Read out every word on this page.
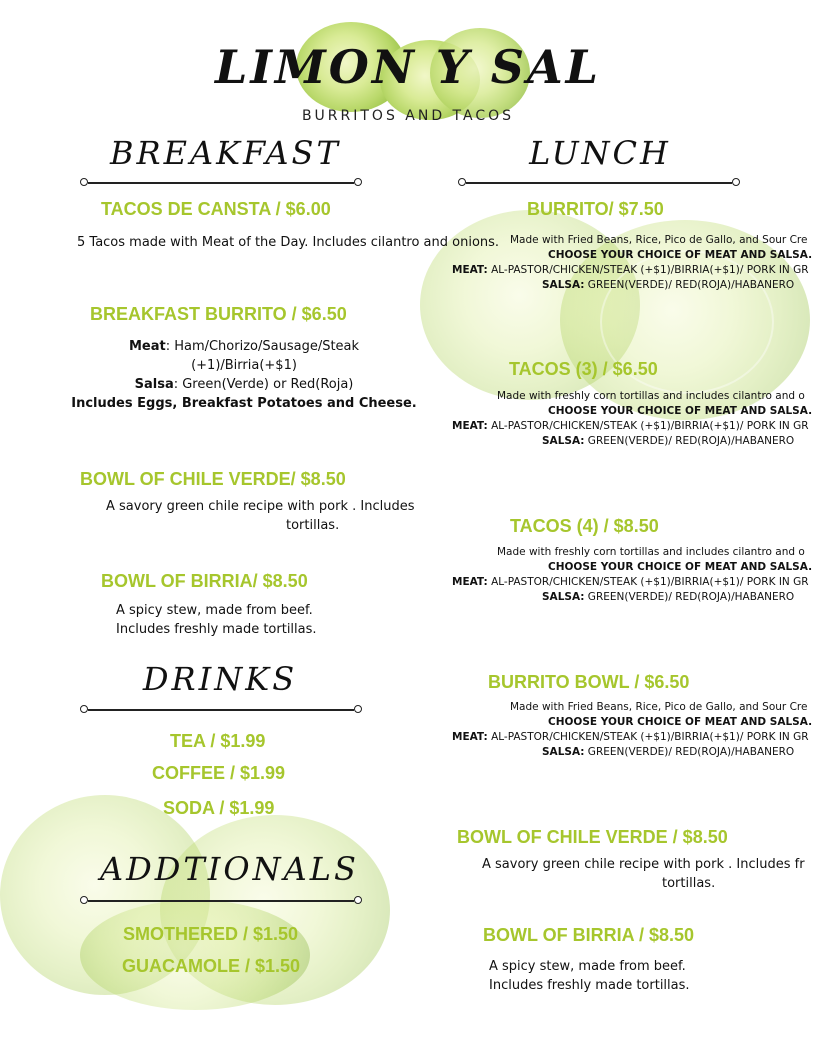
LIMON Y SAL
BURRITOS AND TACOS
BREAKFAST
TACOS DE CANSTA / $6.00
5 Tacos made with Meat of the Day. Includes cilantro and onions.
BREAKFAST BURRITO / $6.50
Meat: Ham/Chorizo/Sausage/Steak
(+1)/Birria(+$1)
Salsa: Green(Verde) or Red(Roja)
Includes Eggs, Breakfast Potatoes and Cheese.
BOWL OF CHILE VERDE/ $8.50
A savory green chile recipe with pork . Includes
tortillas.
BOWL OF BIRRIA/ $8.50
A spicy stew, made from beef.
Includes freshly made tortillas.
DRINKS
TEA / $1.99
COFFEE / $1.99
SODA / $1.99
ADDTIONALS
SMOTHERED / $1.50
GUACAMOLE / $1.50
LUNCH
BURRITO/ $7.50
Made with Fried Beans, Rice, Pico de Gallo, and Sour Cre
CHOOSE YOUR CHOICE OF MEAT AND SALSA.
MEAT: AL-PASTOR/CHICKEN/STEAK (+$1)/BIRRIA(+$1)/ PORK IN GR
SALSA: GREEN(VERDE)/ RED(ROJA)/HABANERO
TACOS (3) / $6.50
Made with freshly corn tortillas and includes cilantro and o
CHOOSE YOUR CHOICE OF MEAT AND SALSA.
MEAT: AL-PASTOR/CHICKEN/STEAK (+$1)/BIRRIA(+$1)/ PORK IN GR
SALSA: GREEN(VERDE)/ RED(ROJA)/HABANERO
TACOS (4) / $8.50
Made with freshly corn tortillas and includes cilantro and o
CHOOSE YOUR CHOICE OF MEAT AND SALSA.
MEAT: AL-PASTOR/CHICKEN/STEAK (+$1)/BIRRIA(+$1)/ PORK IN GR
SALSA: GREEN(VERDE)/ RED(ROJA)/HABANERO
BURRITO BOWL / $6.50
Made with Fried Beans, Rice, Pico de Gallo, and Sour Cre
CHOOSE YOUR CHOICE OF MEAT AND SALSA.
MEAT: AL-PASTOR/CHICKEN/STEAK (+$1)/BIRRIA(+$1)/ PORK IN GR
SALSA: GREEN(VERDE)/ RED(ROJA)/HABANERO
BOWL OF CHILE VERDE / $8.50
A savory green chile recipe with pork . Includes fr
tortillas.
BOWL OF BIRRIA / $8.50
A spicy stew, made from beef.
Includes freshly made tortillas.
